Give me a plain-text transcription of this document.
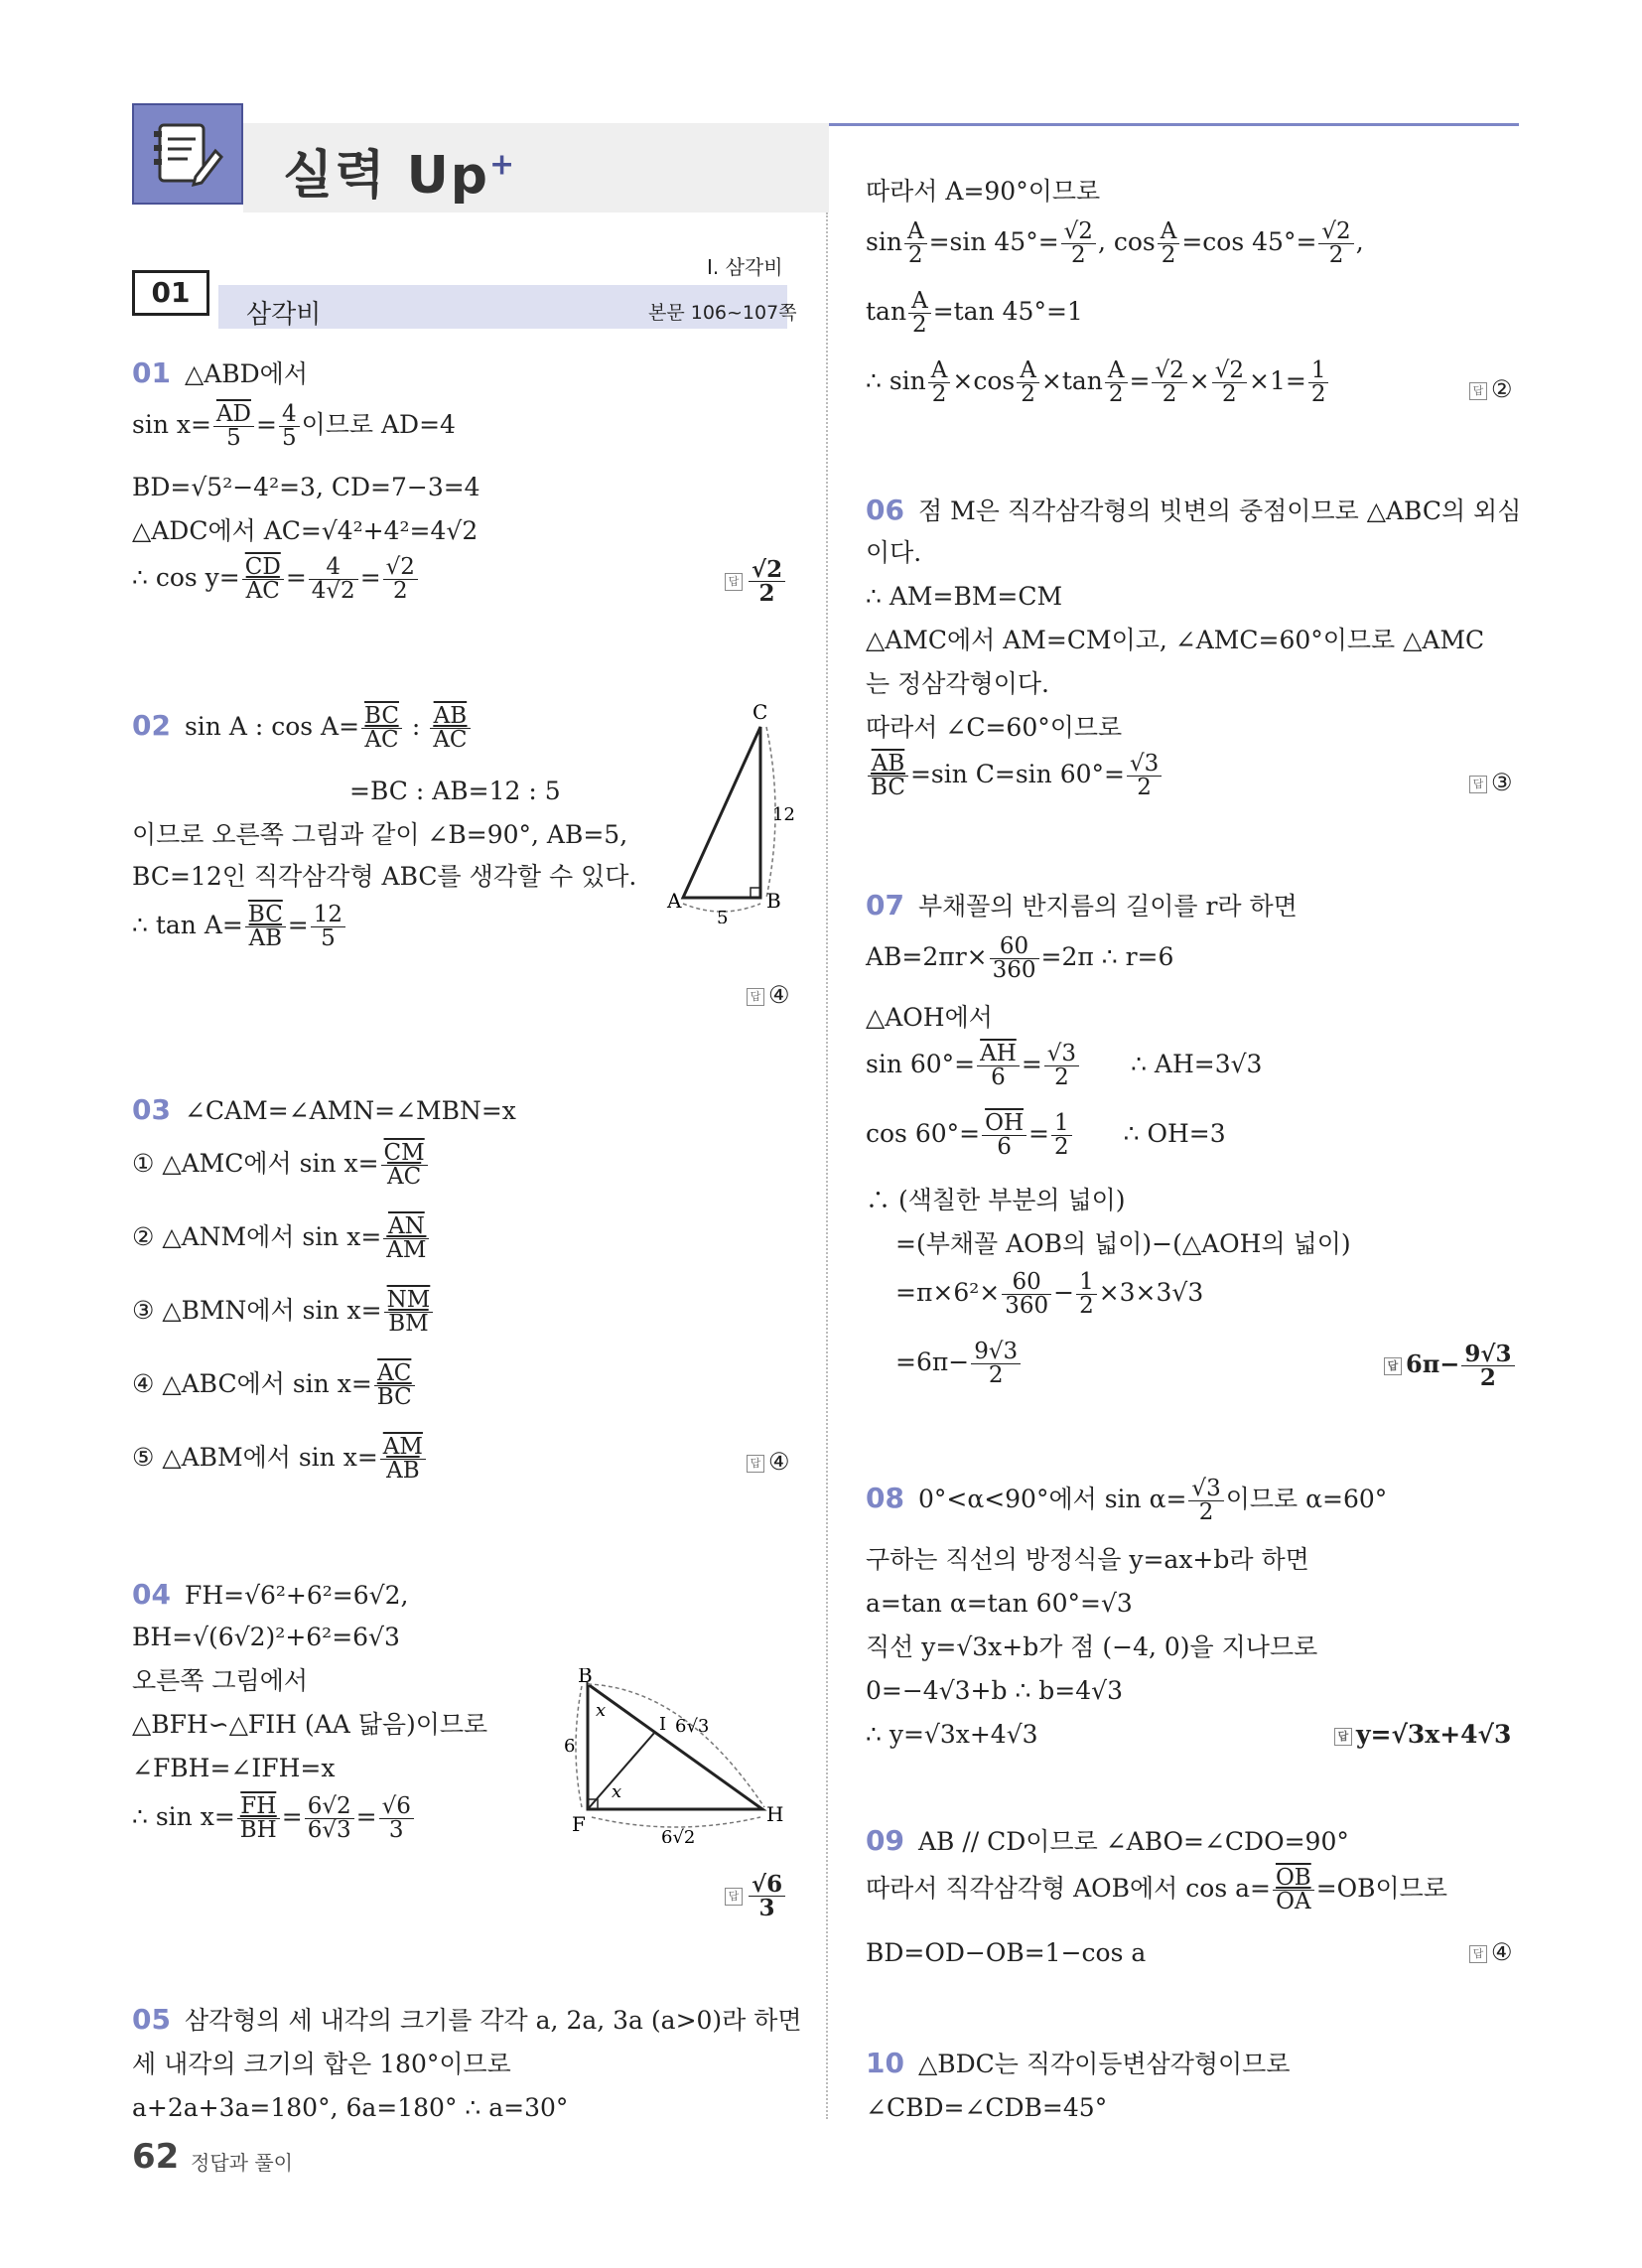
실력 Up+
Ⅰ. 삼각비
01
삼각비	본문 106~107쪽
01 △ABD에서
$\sin x= \frac{\overline{AD}}{5} = \frac{4}{5}$ 이므로 AD=4
BD=√5²−4²=3, CD=7−3=4
△ADC에서 AC=√4²+4²=4√2
∴ $\cos y= \frac{\overline{CD}}{AC} = \frac{4}{4√2} = \frac{√2}{2}$	답 $\frac{√2}{2}$
02 sin A : $\cos A= \frac{\overline{BC}}{AC}$ : $\frac{\overline{AB}}{AC}$
=BC : AB=12 : 5
이므로 오른쪽 그림과 같이 ∠B=90°, AB=5,
BC=12인 직각삼각형 ABC를 생각할 수 있다.
∴ $\tan A= \frac{\overline{BC}}{AB} = \frac{12}{5}$
A	B
C
5
12
답 ④
03 ∠CAM=∠AMN=∠MBN=x
① △AMC에서 $\sin x= \frac{\overline{CM}}{AC}$
② △ANM에서 $\sin x= \frac{\overline{AN}}{AM}$
③ △BMN에서 $\sin x= \frac{\overline{NM}}{BM}$
④ △ABC에서 $\sin x= \frac{\overline{AC}}{BC}$
⑤ △ABM에서 $\sin x= \frac{\overline{AM}}{AB}$	답 ④
04 FH=√6²+6²=6√2,
BH=√(6√2)²+6²=6√3
오른쪽 그림에서
△BFH∽△FIH (AA 닮음)이므로
∠FBH=∠IFH=x
∴ $\sin x= \frac{\overline{FH}}{BH} = \frac{6√2}{6√3} = \frac{√6}{3}$
B
F	H
I
x
x
6
6√3
6√2
답 $\frac{√6}{3}$
05 삼각형의 세 내각의 크기를 각각 a, 2a, 3a (a>0)라 하면
세 내각의 크기의 합은 180°이므로
a+2a+3a=180°, 6a=180° ∴ a=30°
따라서 A=90°이므로
$\sin \frac{A}{2} =\sin$ $45^\circ= \frac{√2}{2}$ , $\cos \frac{A}{2} =\cos$ $45^\circ= \frac{√2}{2}$ ,
$\tan \frac{A}{2} =\tan$ 45°=1
∴ $\sin \frac{A}{2} \times\cos \frac{A}{2} \times\tan \frac{A}{2} = \frac{√2}{2} \times \frac{√2}{2} \times 1= \frac{1}{2}$	답 ②
06 점 M은 직각삼각형의 빗변의 중점이므로 △ABC의 외심
이다.
∴ AM=BM=CM
△AMC에서 AM=CM이고, ∠AMC=60°이므로 △AMC
는 정삼각형이다.
따라서 ∠C=60°이므로
$\frac{\overline{AB}}{BC} =\sin$ C=sin $60^\circ= \frac{√3}{2}$	답 ③
07 부채꼴의 반지름의 길이를 r라 하면
$AB=2\pi r\times \frac{60}{360} =2\pi$ ∴ r=6
△AOH에서
$\sin 60^\circ= \frac{\overline{AH}}{6} = \frac{√3}{2}$ ∴ AH=3√3
$\cos 60^\circ= \frac{\overline{OH}}{6} = \frac{1}{2}$ ∴ OH=3
∴ (색칠한 부분의 넓이)
=(부채꼴 AOB의 넓이)−(△AOH의 넓이)
$=\pi\times 6^2\times \frac{60}{360} - \frac{1}{2} \times 3\times 3√3$
$=6\pi- \frac{9√3}{2}$	답 $6\pi- \frac{9√3}{2}$
08 0°<α<90°에서 $\sin \alpha= \frac{√3}{2}$ 이므로 α=60°
구하는 직선의 방정식을 y=ax+b라 하면
a=tan α=tan 60°=√3
직선 y=√3x+b가 점 (−4, 0)을 지나므로
0=−4√3+b ∴ b=4√3
∴ y=√3x+4√3	답 y=√3x+4√3
09 AB // CD이므로 ∠ABO=∠CDO=90°
따라서 직각삼각형 AOB에서 $\cos a= \frac{\overline{OB}}{OA} =OB$이므로
BD=OD−OB=1−cos a	답 ④
10 △BDC는 직각이등변삼각형이므로
∠CBD=∠CDB=45°
62 정답과 풀이
